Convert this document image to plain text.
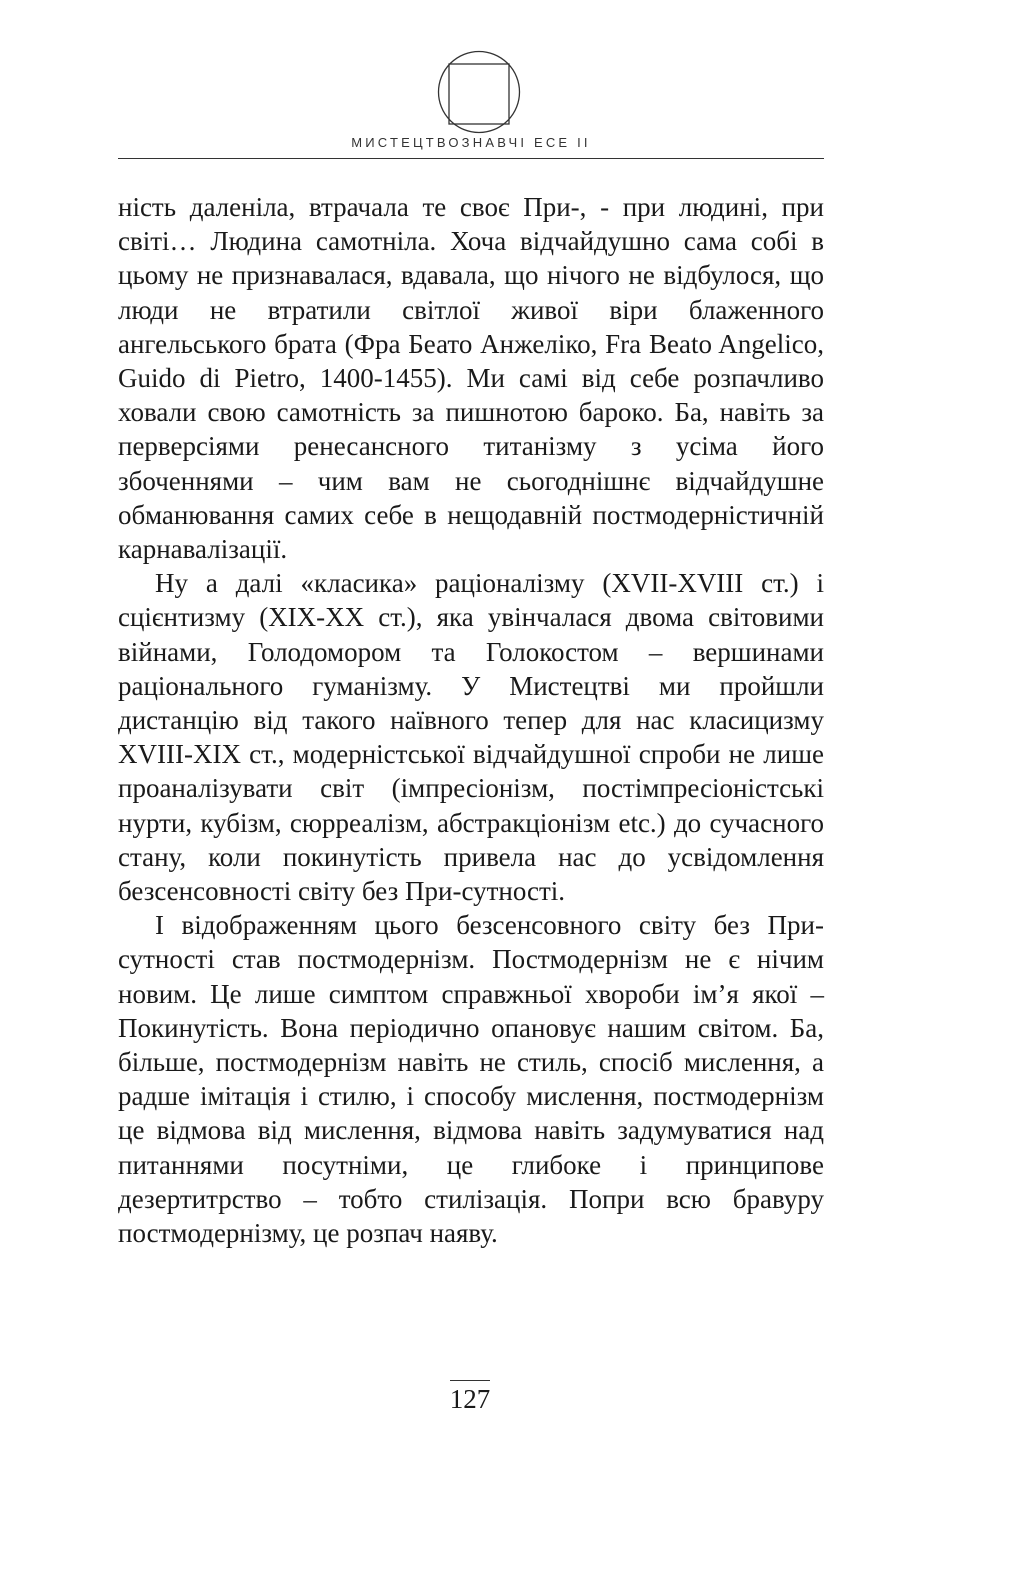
МИСТЕЦТВОЗНАВЧІ ЕСЕ ІІ

ність даленіла, втрачала те своє При-, - при людині, при світі… Людина самотніла. Хоча відчайдушно сама собі в цьому не признавалася, вдавала, що нічого не відбулося, що люди не втратили світлої живої віри блаженного ангельського брата (Фра Беато Анжеліко, Fra Beato Angelico, Guido di Pietro, 1400-1455). Ми самі від себе розпачливо ховали свою самотність за пишнотою бароко. Ба, навіть за перверсіями ренесансного титанізму з усіма його збоченнями – чим вам не сьогоднiшнє відчайдушне обманювання самих себе в нещодавній постмодерністичній карнавалізації.

Ну а далі «класика» раціоналізму (XVII-XVIII ст.) і сцієнтизму (XIX-XX ст.), яка увінчалася двома світовими війнами, Голодомором та Голокостом – вершинами раціонального гуманізму. У Мистецтві ми пройшли дистанцію від такого наївного тепер для нас класицизму XVIII-XIX ст., модерністської відчайдушної спроби не лише проаналізувати світ (імпресіонізм, постімпресіоністські нурти, кубізм, сюрреалізм, абстракціонізм etc.) до сучасного стану, коли покинутість привела нас до усвідомлення безсенсовності світу без При-сутності.

І відображенням цього безсенсовного світу без При-сутності став постмодернізм. Постмодернізм не є нічим новим. Це лише симптом справжньої хвороби ім’я якої – Покинутість. Вона періодично опановує нашим світом. Ба, більше, постмодернізм навіть не стиль, спосіб мислення, а радше імітація і стилю, і способу мислення, постмодернізм це відмова від мислення, відмова навіть задумуватися над питаннями посутніми, це глибоке і принципове дезертитрство – тобто стилізація. Попри всю бравуру постмодернізму, це розпач наяву.

127
